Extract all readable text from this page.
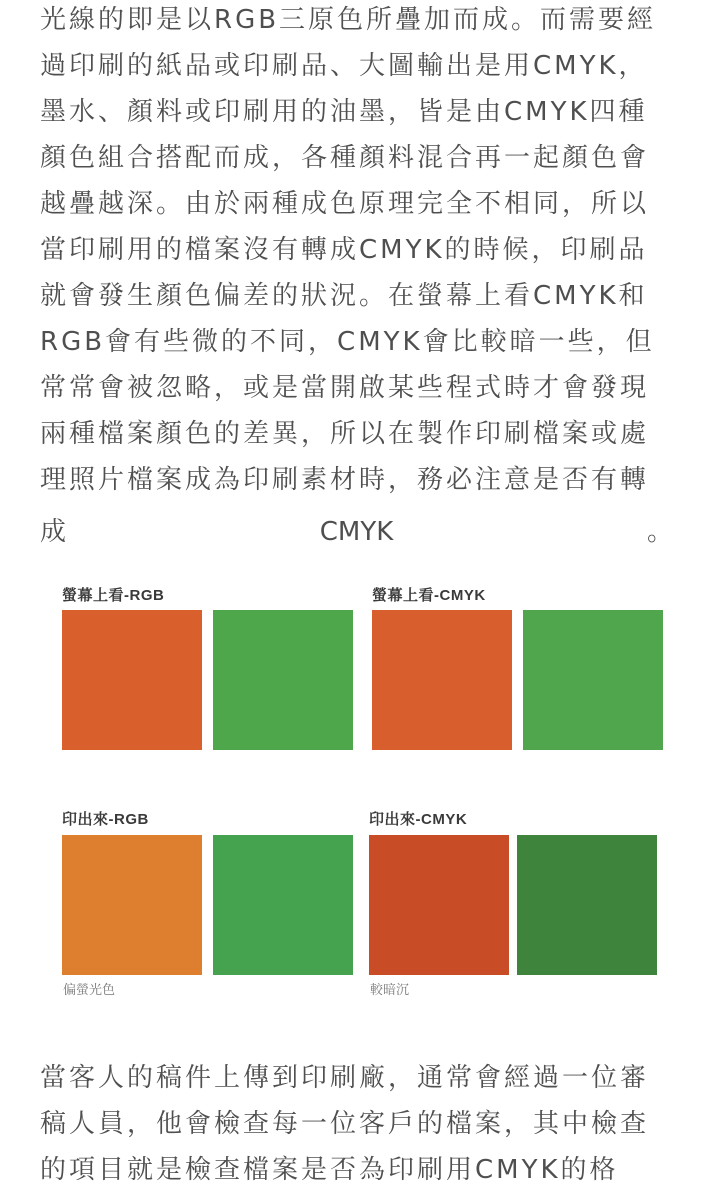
光線的即是以RGB三原色所疊加而成。而需要經
過印刷的紙品或印刷品、大圖輸出是用CMYK，
墨水、顏料或印刷用的油墨，皆是由CMYK四種
顏色組合搭配而成，各種顏料混合再一起顏色會
越疊越深。由於兩種成色原理完全不相同，所以
當印刷用的檔案沒有轉成CMYK的時候，印刷品
就會發生顏色偏差的狀況。在螢幕上看CMYK和
RGB會有些微的不同，CMYK會比較暗一些，但
常常會被忽略，或是當開啟某些程式時才會發現
兩種檔案顏色的差異，所以在製作印刷檔案或處
理照片檔案成為印刷素材時，務必注意是否有轉
成	CMYK	。
螢幕上看-RGB	螢幕上看-CMYK
印出來-RGB	印出來-CMYK
偏螢光色	較暗沉
當客人的稿件上傳到印刷廠，通常會經過一位審
稿人員，他會檢查每一位客戶的檔案，其中檢查
的項目就是檢查檔案是否為印刷用CMYK的格
